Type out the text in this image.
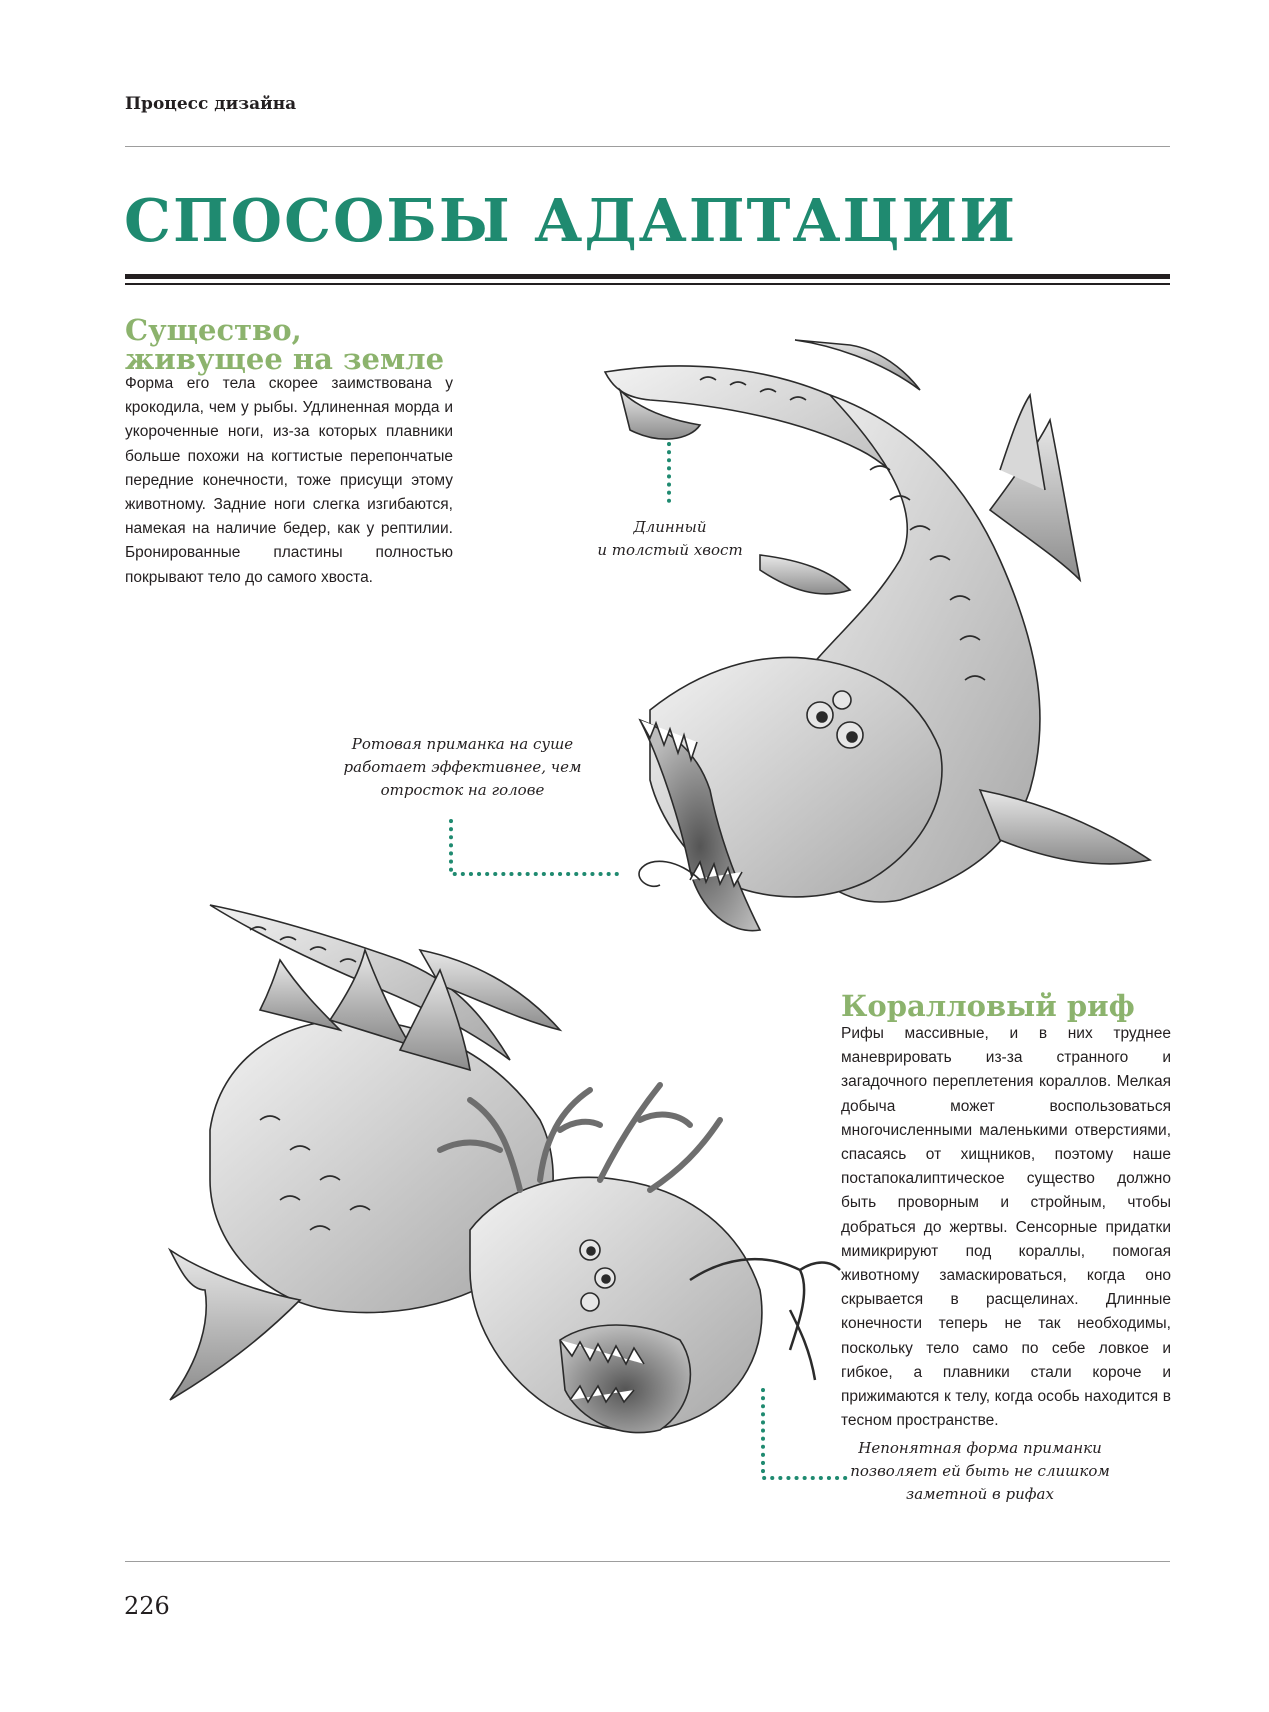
Процесс дизайна
СПОСОБЫ АДАПТАЦИИ
Существо,
живущее на земле
Форма его тела скорее заимствована у крокодила, чем у рыбы. Удлиненная морда и укороченные ноги, из-за которых плавники больше похожи на когтистые перепончатые передние конечности, тоже присущи этому животному. Задние ноги слегка изгибаются, намекая на наличие бедер, как у рептилии. Бронированные пластины полностью покрывают тело до самого хвоста.
Длинный
и толстый хвост
Ротовая приманка на суше
работает эффективнее, чем
отросток на голове
Коралловый риф
Рифы массивные, и в них труднее маневрировать из-за странного и загадочного переплетения кораллов. Мелкая добыча может воспользоваться многочисленными маленькими отверстиями, спасаясь от хищников, поэтому наше постапокалиптическое существо должно быть проворным и стройным, чтобы добраться до жертвы. Сенсорные придатки мимикрируют под кораллы, помогая животному замаскироваться, когда оно скрывается в расщелинах. Длинные конечности теперь не так необходимы, поскольку тело само по себе ловкое и гибкое, а плавники стали короче и прижимаются к телу, когда особь находится в тесном пространстве.
Непонятная форма приманки
позволяет ей быть не слишком
заметной в рифах
226
